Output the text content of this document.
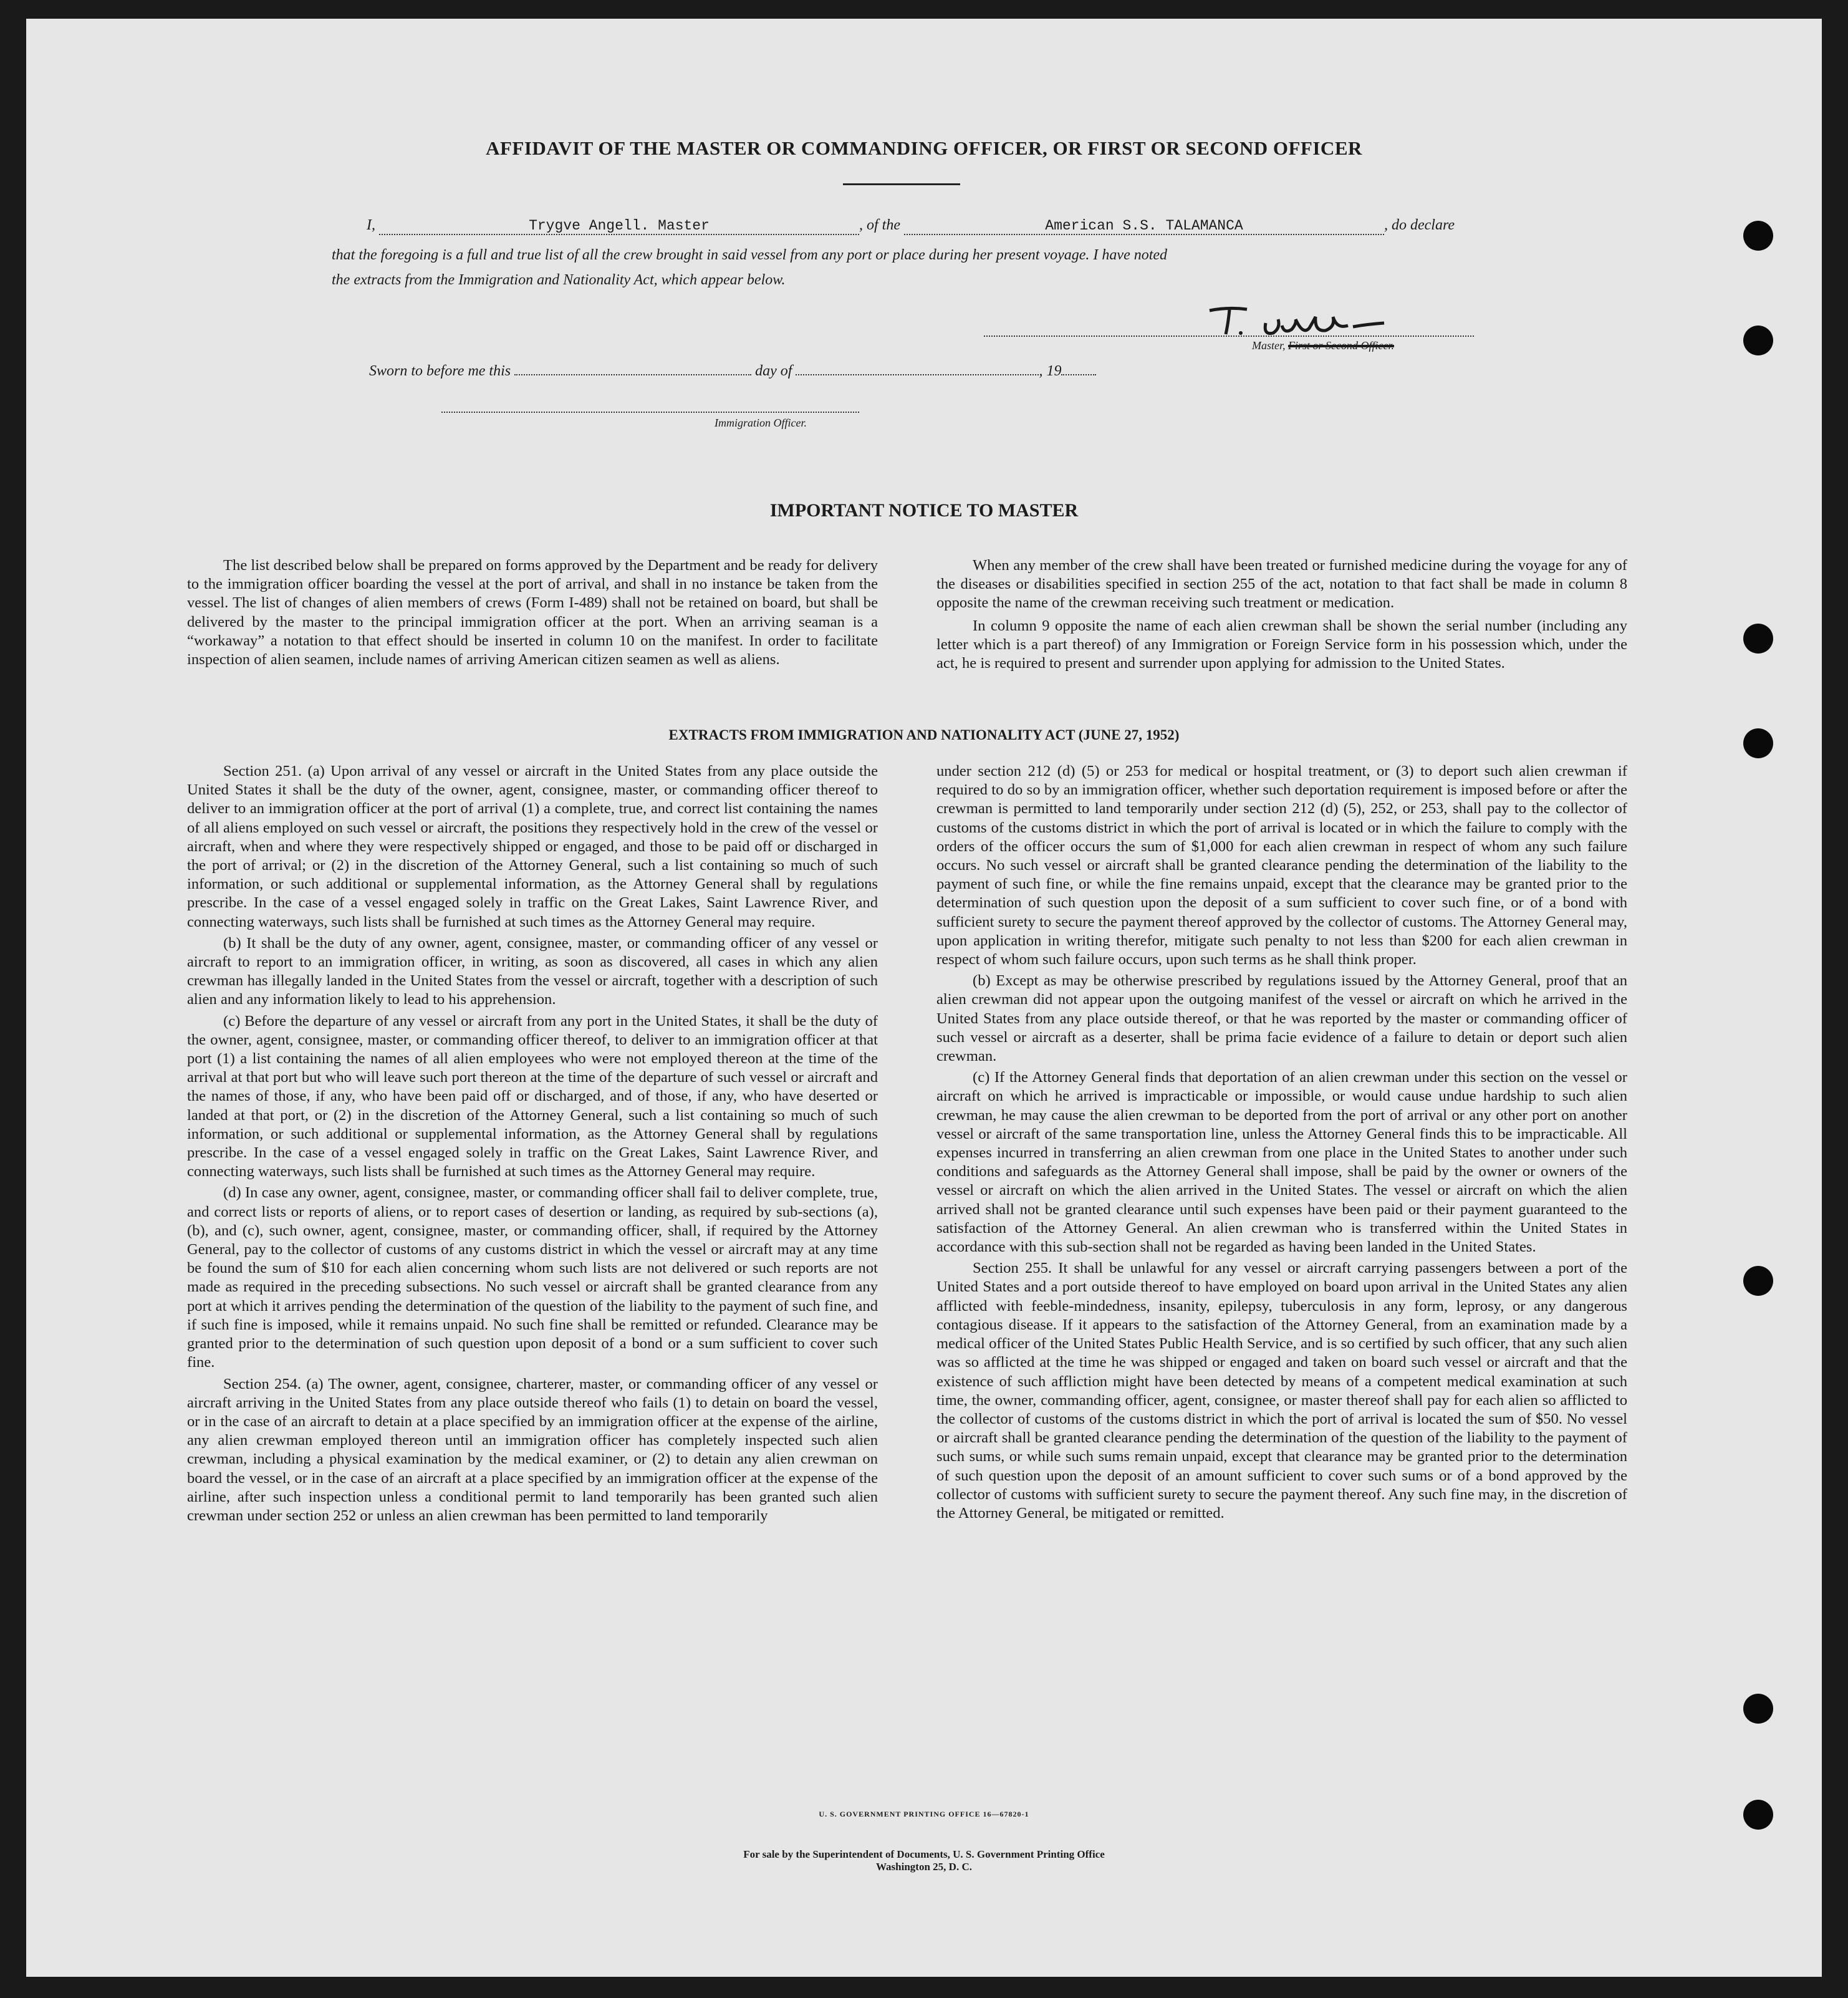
AFFIDAVIT OF THE MASTER OR COMMANDING OFFICER, OR FIRST OR SECOND OFFICER
I,	Trygve Angell. Master	, of the	American S.S. TALAMANCA	, do declare
that the foregoing is a full and true list of all the crew brought in said vessel from any port or place during her present voyage. I have noted
the extracts from the Immigration and Nationality Act, which appear below.
Master, First or Second Officer.
Sworn to before me this	day of	, 19
Immigration Officer.
IMPORTANT NOTICE TO MASTER

The list described below shall be prepared on forms approved by the Department and be ready for delivery to the immigration officer boarding the vessel at the port of arrival, and shall in no instance be taken from the vessel. The list of changes of alien members of crews (Form I-489) shall not be retained on board, but shall be delivered by the master to the principal immigration officer at the port. When an arriving seaman is a “workaway” a notation to that effect should be inserted in column 10 on the manifest. In order to facilitate inspection of alien seamen, include names of arriving American citizen seamen as well as aliens.

When any member of the crew shall have been treated or furnished medicine during the voyage for any of the diseases or disabilities specified in section 255 of the act, notation to that fact shall be made in column 8 opposite the name of the crewman receiving such treatment or medication.

In column 9 opposite the name of each alien crewman shall be shown the serial number (including any letter which is a part thereof) of any Immigration or Foreign Service form in his possession which, under the act, he is required to present and surrender upon applying for admission to the United States.

EXTRACTS FROM IMMIGRATION AND NATIONALITY ACT (JUNE 27, 1952)

Section 251. (a) Upon arrival of any vessel or aircraft in the United States from any place outside the United States it shall be the duty of the owner, agent, consignee, master, or commanding officer thereof to deliver to an immigration officer at the port of arrival (1) a complete, true, and correct list containing the names of all aliens employed on such vessel or aircraft, the positions they respectively hold in the crew of the vessel or aircraft, when and where they were respectively shipped or engaged, and those to be paid off or discharged in the port of arrival; or (2) in the discretion of the Attorney General, such a list containing so much of such information, or such additional or supplemental information, as the Attorney General shall by regulations prescribe. In the case of a vessel engaged solely in traffic on the Great Lakes, Saint Lawrence River, and connecting waterways, such lists shall be furnished at such times as the Attorney General may require.

(b) It shall be the duty of any owner, agent, consignee, master, or commanding officer of any vessel or aircraft to report to an immigration officer, in writing, as soon as discovered, all cases in which any alien crewman has illegally landed in the United States from the vessel or aircraft, together with a description of such alien and any information likely to lead to his apprehension.

(c) Before the departure of any vessel or aircraft from any port in the United States, it shall be the duty of the owner, agent, consignee, master, or commanding officer thereof, to deliver to an immigration officer at that port (1) a list containing the names of all alien employees who were not employed thereon at the time of the arrival at that port but who will leave such port thereon at the time of the departure of such vessel or aircraft and the names of those, if any, who have been paid off or discharged, and of those, if any, who have deserted or landed at that port, or (2) in the discretion of the Attorney General, such a list containing so much of such information, or such additional or supplemental information, as the Attorney General shall by regulations prescribe. In the case of a vessel engaged solely in traffic on the Great Lakes, Saint Lawrence River, and connecting waterways, such lists shall be furnished at such times as the Attorney General may require.

(d) In case any owner, agent, consignee, master, or commanding officer shall fail to deliver complete, true, and correct lists or reports of aliens, or to report cases of desertion or landing, as required by sub-sections (a), (b), and (c), such owner, agent, consignee, master, or commanding officer, shall, if required by the Attorney General, pay to the collector of customs of any customs district in which the vessel or aircraft may at any time be found the sum of $10 for each alien concerning whom such lists are not delivered or such reports are not made as required in the preceding subsections. No such vessel or aircraft shall be granted clearance from any port at which it arrives pending the determination of the question of the liability to the payment of such fine, and if such fine is imposed, while it remains unpaid. No such fine shall be remitted or refunded. Clearance may be granted prior to the determination of such question upon deposit of a bond or a sum sufficient to cover such fine.

Section 254. (a) The owner, agent, consignee, charterer, master, or commanding officer of any vessel or aircraft arriving in the United States from any place outside thereof who fails (1) to detain on board the vessel, or in the case of an aircraft to detain at a place specified by an immigration officer at the expense of the airline, any alien crewman employed thereon until an immigration officer has completely inspected such alien crewman, including a physical examination by the medical examiner, or (2) to detain any alien crewman on board the vessel, or in the case of an aircraft at a place specified by an immigration officer at the expense of the airline, after such inspection unless a conditional permit to land temporarily has been granted such alien crewman under section 252 or unless an alien crewman has been permitted to land temporarily

under section 212 (d) (5) or 253 for medical or hospital treatment, or (3) to deport such alien crewman if required to do so by an immigration officer, whether such deportation requirement is imposed before or after the crewman is permitted to land temporarily under section 212 (d) (5), 252, or 253, shall pay to the collector of customs of the customs district in which the port of arrival is located or in which the failure to comply with the orders of the officer occurs the sum of $1,000 for each alien crewman in respect of whom any such failure occurs. No such vessel or aircraft shall be granted clearance pending the determination of the liability to the payment of such fine, or while the fine remains unpaid, except that the clearance may be granted prior to the determination of such question upon the deposit of a sum sufficient to cover such fine, or of a bond with sufficient surety to secure the payment thereof approved by the collector of customs. The Attorney General may, upon application in writing therefor, mitigate such penalty to not less than $200 for each alien crewman in respect of whom such failure occurs, upon such terms as he shall think proper.

(b) Except as may be otherwise prescribed by regulations issued by the Attorney General, proof that an alien crewman did not appear upon the outgoing manifest of the vessel or aircraft on which he arrived in the United States from any place outside thereof, or that he was reported by the master or commanding officer of such vessel or aircraft as a deserter, shall be prima facie evidence of a failure to detain or deport such alien crewman.

(c) If the Attorney General finds that deportation of an alien crewman under this section on the vessel or aircraft on which he arrived is impracticable or impossible, or would cause undue hardship to such alien crewman, he may cause the alien crewman to be deported from the port of arrival or any other port on another vessel or aircraft of the same transportation line, unless the Attorney General finds this to be impracticable. All expenses incurred in transferring an alien crewman from one place in the United States to another under such conditions and safeguards as the Attorney General shall impose, shall be paid by the owner or owners of the vessel or aircraft on which the alien arrived in the United States. The vessel or aircraft on which the alien arrived shall not be granted clearance until such expenses have been paid or their payment guaranteed to the satisfaction of the Attorney General. An alien crewman who is transferred within the United States in accordance with this sub-section shall not be regarded as having been landed in the United States.

Section 255. It shall be unlawful for any vessel or aircraft carrying passengers between a port of the United States and a port outside thereof to have employed on board upon arrival in the United States any alien afflicted with feeble-mindedness, insanity, epilepsy, tuberculosis in any form, leprosy, or any dangerous contagious disease. If it appears to the satisfaction of the Attorney General, from an examination made by a medical officer of the United States Public Health Service, and is so certified by such officer, that any such alien was so afflicted at the time he was shipped or engaged and taken on board such vessel or aircraft and that the existence of such affliction might have been detected by means of a competent medical examination at such time, the owner, commanding officer, agent, consignee, or master thereof shall pay for each alien so afflicted to the collector of customs of the customs district in which the port of arrival is located the sum of $50. No vessel or aircraft shall be granted clearance pending the determination of the question of the liability to the payment of such sums, or while such sums remain unpaid, except that clearance may be granted prior to the determination of such question upon the deposit of an amount sufficient to cover such sums or of a bond approved by the collector of customs with sufficient surety to secure the payment thereof. Any such fine may, in the discretion of the Attorney General, be mitigated or remitted.

U. S. GOVERNMENT PRINTING OFFICE 16—67820-1
For sale by the Superintendent of Documents, U. S. Government Printing Office
Washington 25, D. C.
